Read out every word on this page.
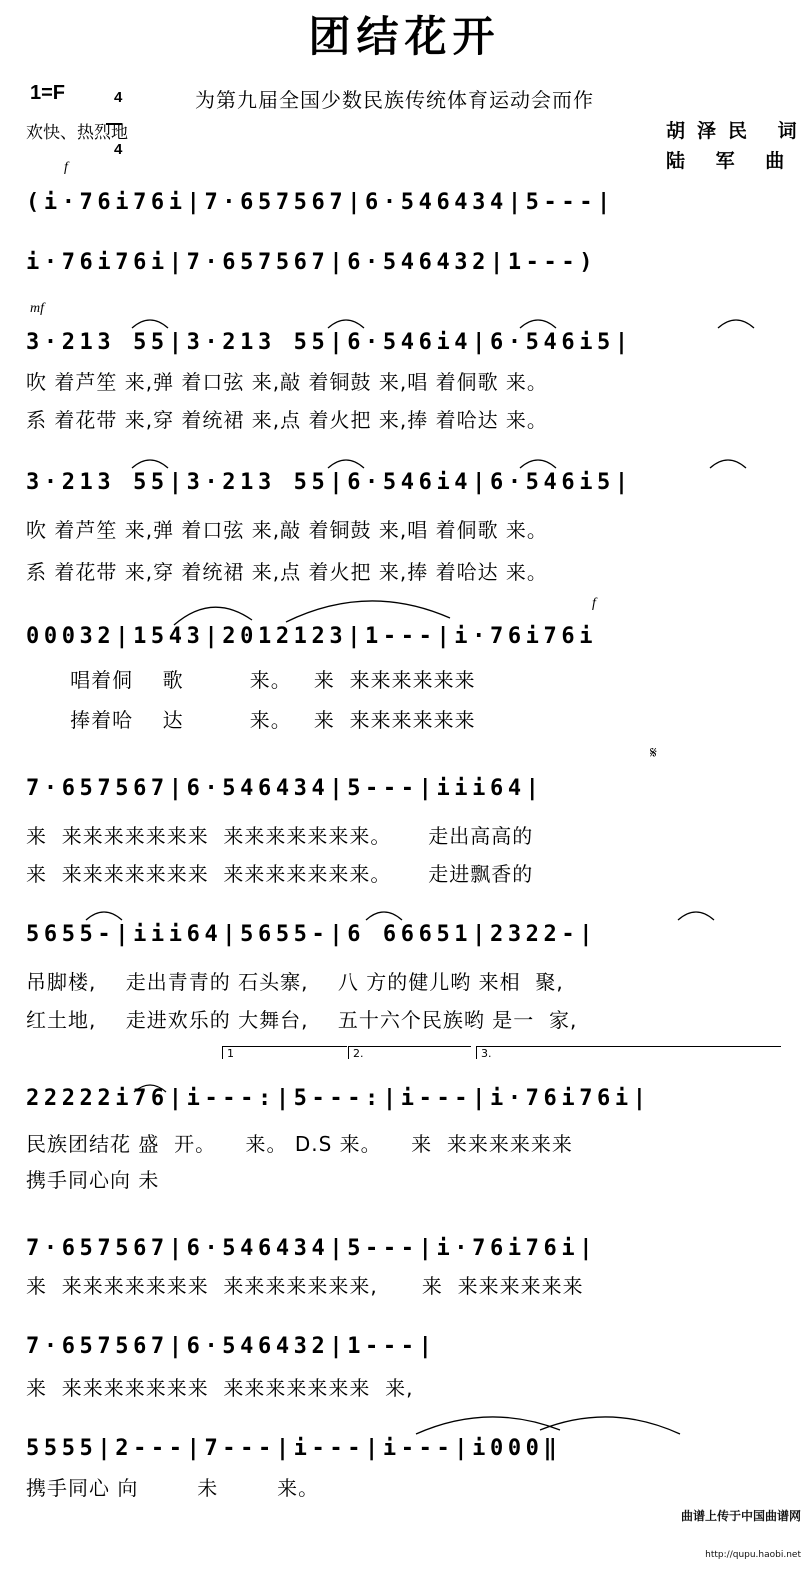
团结花开
1=F	4

4

为第九届全国少数民族传统体育运动会而作
欢快、热烈地	胡泽民 词
陆 军 曲
f
mf
f
𝄋
1	2.	3.

(i·76i76i|7·657567|6·546434|5---|

i·76i76i|7·657567|6·546432|1---)

3·213 55|3·213 55|6·546i4|6·546i5|

吹 着芦笙 来,弹 着口弦 来,敲 着铜鼓 来,唱 着侗歌 来。
系 着花带 来,穿 着统裙 来,点 着火把 来,捧 着哈达 来。

3·213 55|3·213 55|6·546i4|6·546i5|

吹 着芦笙 来,弹 着口弦 来,敲 着铜鼓 来,唱 着侗歌 来。
系 着花带 来,穿 着统裙 来,点 着火把 来,捧 着哈达 来。

00032|1543|2012123|1---|i·76i76i

唱着侗    歌         来。   来  来来来来来来
捧着哈    达         来。   来  来来来来来来

7·657567|6·546434|5---|iii64|

来  来来来来来来来  来来来来来来来。     走出高高的
来  来来来来来来来  来来来来来来来。     走进飘香的

5655-|iii64|5655-|6 66651|2322-|

吊脚楼,    走出青青的 石头寨,    八 方的健儿哟 来相  聚,
红土地,    走进欢乐的 大舞台,    五十六个民族哟 是一  家,

22222i76|i---:|5---:|i---|i·76i76i|

民族团结花 盛  开。    来。 D.S 来。    来  来来来来来来
携手同心向 未

7·657567|6·546434|5---|i·76i76i|

来  来来来来来来来  来来来来来来来,      来  来来来来来来

7·657567|6·546432|1---|

来  来来来来来来来  来来来来来来来  来,

5555|2---|7---|i---|i---|i000‖

携手同心 向        未        来。

曲谱上传于中国曲谱网

http://qupu.haobi.net
